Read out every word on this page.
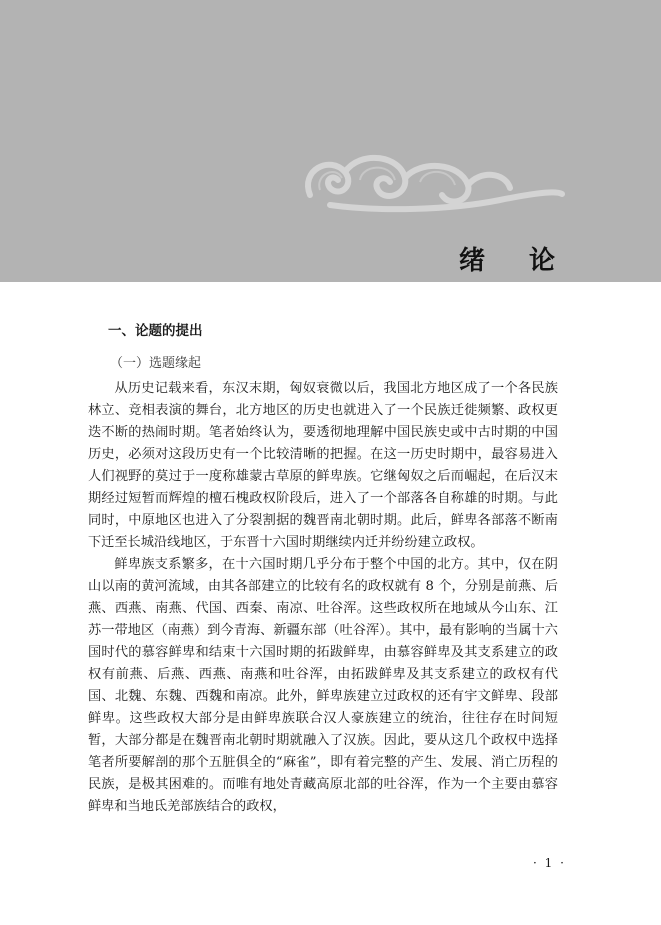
绪 论
一、论题的提出
（一）选题缘起

从历史记载来看，东汉末期，匈奴衰微以后，我国北方地区成了一个各民族林立、竞相表演的舞台，北方地区的历史也就进入了一个民族迁徙频繁、政权更迭不断的热闹时期。笔者始终认为，要透彻地理解中国民族史或中古时期的中国历史，必须对这段历史有一个比较清晰的把握。在这一历史时期中，最容易进入人们视野的莫过于一度称雄蒙古草原的鲜卑族。它继匈奴之后而崛起，在后汉末期经过短暂而辉煌的檀石槐政权阶段后，进入了一个部落各自称雄的时期。与此同时，中原地区也进入了分裂割据的魏晋南北朝时期。此后，鲜卑各部落不断南下迁至长城沿线地区，于东晋十六国时期继续内迁并纷纷建立政权。

鲜卑族支系繁多，在十六国时期几乎分布于整个中国的北方。其中，仅在阴山以南的黄河流域，由其各部建立的比较有名的政权就有 8 个，分别是前燕、后燕、西燕、南燕、代国、西秦、南凉、吐谷浑。这些政权所在地域从今山东、江苏一带地区（南燕）到今青海、新疆东部（吐谷浑）。其中，最有影响的当属十六国时代的慕容鲜卑和结束十六国时期的拓跋鲜卑，由慕容鲜卑及其支系建立的政权有前燕、后燕、西燕、南燕和吐谷浑，由拓跋鲜卑及其支系建立的政权有代国、北魏、东魏、西魏和南凉。此外，鲜卑族建立过政权的还有宇文鲜卑、段部鲜卑。这些政权大部分是由鲜卑族联合汉人豪族建立的统治，往往存在时间短暂，大部分都是在魏晋南北朝时期就融入了汉族。因此，要从这几个政权中选择笔者所要解剖的那个五脏俱全的“麻雀”，即有着完整的产生、发展、消亡历程的民族，是极其困难的。而唯有地处青藏高原北部的吐谷浑，作为一个主要由慕容鲜卑和当地氐羌部族结合的政权，

· 1 ·
